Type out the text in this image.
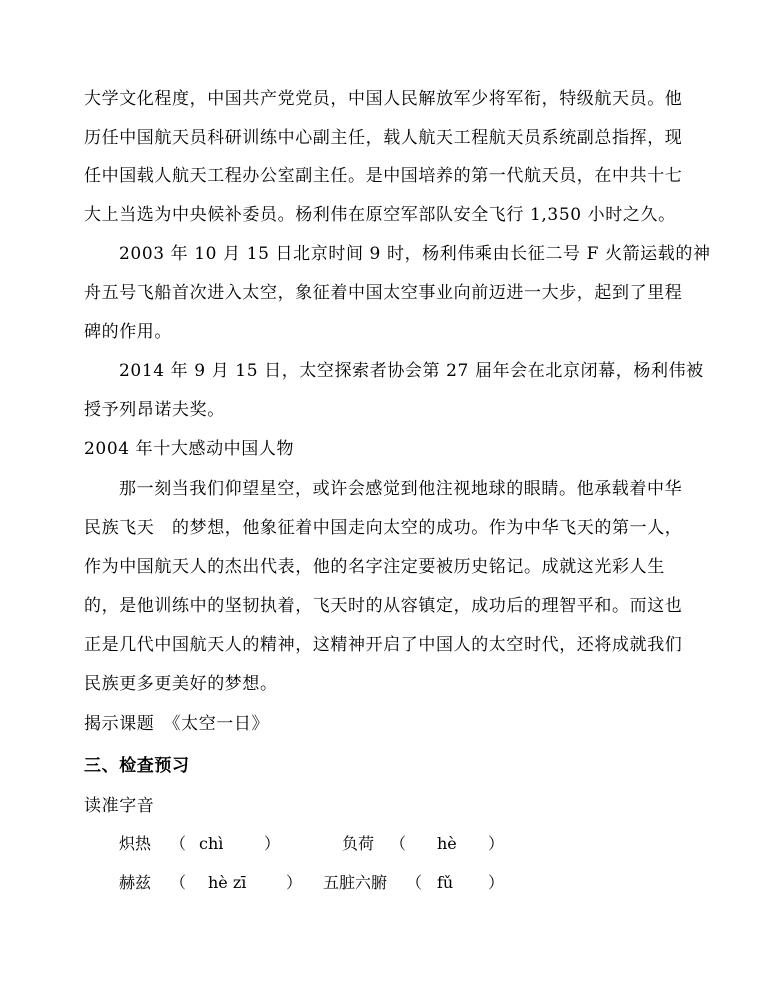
大学文化程度，中国共产党党员，中国人民解放军少将军衔，特级航天员。他
历任中国航天员科研训练中心副主任，载人航天工程航天员系统副总指挥，现
任中国载人航天工程办公室副主任。是中国培养的第一代航天员，在中共十七
大上当选为中央候补委员。杨利伟在原空军部队安全飞行 1,350 小时之久。
2003 年 10 月 15 日北京时间 9 时，杨利伟乘由长征二号 F 火箭运载的神
舟五号飞船首次进入太空，象征着中国太空事业向前迈进一大步，起到了里程
碑的作用。
2014 年 9 月 15 日，太空探索者协会第 27 届年会在北京闭幕，杨利伟被
授予列昂诺夫奖。
2004 年十大感动中国人物
那一刻当我们仰望星空，或许会感觉到他注视地球的眼睛。他承载着中华
民族飞天　的梦想，他象征着中国走向太空的成功。作为中华飞天的第一人，
作为中国航天人的杰出代表，他的名字注定要被历史铭记。成就这光彩人生
的，是他训练中的坚韧执着，飞天时的从容镇定，成功后的理智平和。而这也
正是几代中国航天人的精神，这精神开启了中国人的太空时代，还将成就我们
民族更多更美好的梦想。
揭示课题　《太空一日》
三、检查预习
读准字音
炽热 （ chì	）	负荷 （ hè ）
赫兹 （ hè zī ） 五脏六腑 （ fǔ ）
